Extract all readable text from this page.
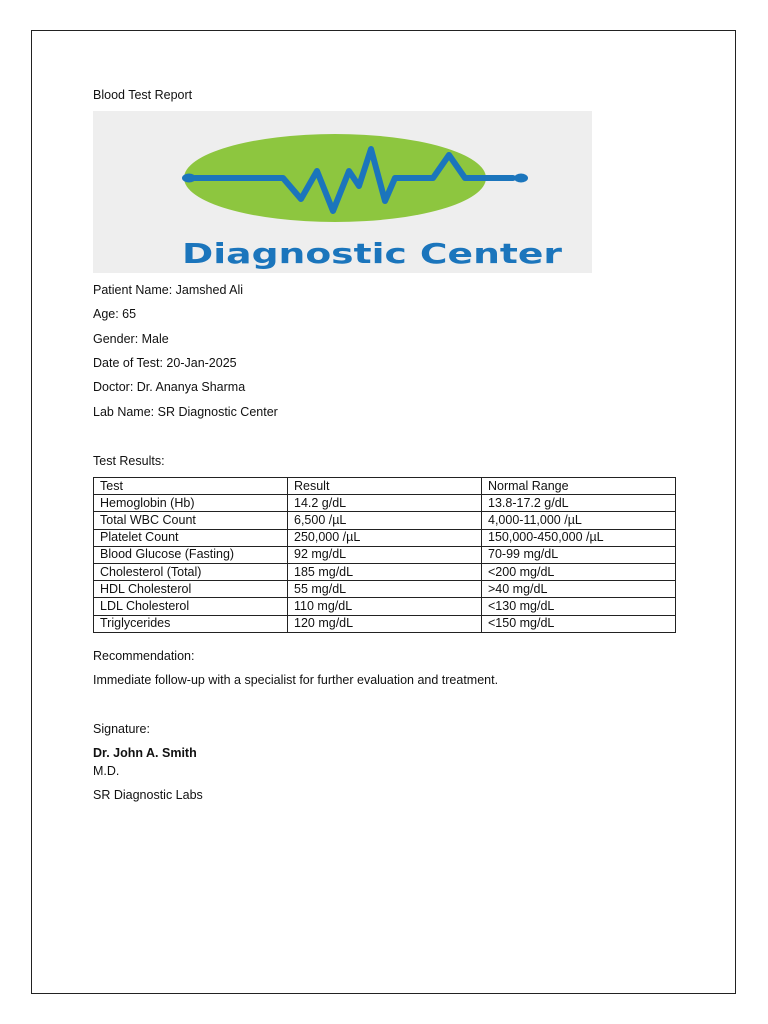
Blood Test Report
Diagnostic Center
Patient Name: Jamshed Ali
Age: 65
Gender: Male
Date of Test: 20-Jan-2025
Doctor: Dr. Ananya Sharma
Lab Name: SR Diagnostic Center
Test Results:
Test	Result	Normal Range
Hemoglobin (Hb)	14.2 g/dL	13.8-17.2 g/dL
Total WBC Count	6,500 /µL	4,000-11,000 /µL
Platelet Count	250,000 /µL	150,000-450,000 /µL
Blood Glucose (Fasting)	92 mg/dL	70-99 mg/dL
Cholesterol (Total)	185 mg/dL	<200 mg/dL
HDL Cholesterol	55 mg/dL	>40 mg/dL
LDL Cholesterol	110 mg/dL	<130 mg/dL
Triglycerides	120 mg/dL	<150 mg/dL
Recommendation:
Immediate follow-up with a specialist for further evaluation and treatment.
Signature:
Dr. John A. Smith
M.D.
SR Diagnostic Labs
